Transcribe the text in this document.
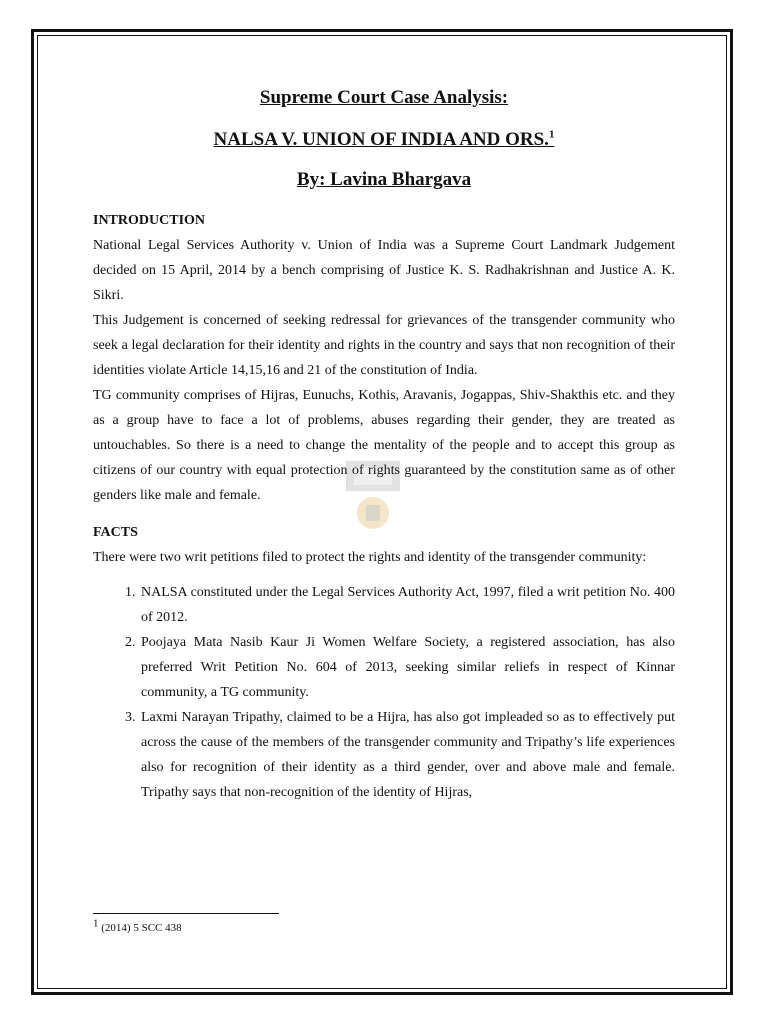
Supreme Court Case Analysis:
NALSA V. UNION OF INDIA AND ORS.$^1$
By: Lavina Bhargava

INTRODUCTION

National Legal Services Authority v. Union of India was a Supreme Court Landmark Judgement decided on 15 April, 2014 by a bench comprising of Justice K. S. Radhakrishnan and Justice A. K. Sikri.

This Judgement is concerned of seeking redressal for grievances of the transgender community who seek a legal declaration for their identity and rights in the country and says that non recognition of their identities violate Article 14,15,16 and 21 of the constitution of India.

TG community comprises of Hijras, Eunuchs, Kothis, Aravanis, Jogappas, Shiv-Shakthis etc. and they as a group have to face a lot of problems, abuses regarding their gender, they are treated as untouchables. So there is a need to change the mentality of the people and to accept this group as citizens of our country with equal protection of rights guaranteed by the constitution same as of other genders like male and female.

FACTS

There were two writ petitions filed to protect the rights and identity of the transgender community:

1. NALSA constituted under the Legal Services Authority Act, 1997, filed a writ petition No. 400 of 2012.
2. Poojaya Mata Nasib Kaur Ji Women Welfare Society, a registered association, has also preferred Writ Petition No. 604 of 2013, seeking similar reliefs in respect of Kinnar community, a TG community.
3. Laxmi Narayan Tripathy, claimed to be a Hijra, has also got impleaded so as to effectively put across the cause of the members of the transgender community and Tripathy’s life experiences also for recognition of their identity as a third gender, over and above male and female. Tripathy says that non-recognition of the identity of Hijras,
$^1$ (2014) 5 SCC 438
